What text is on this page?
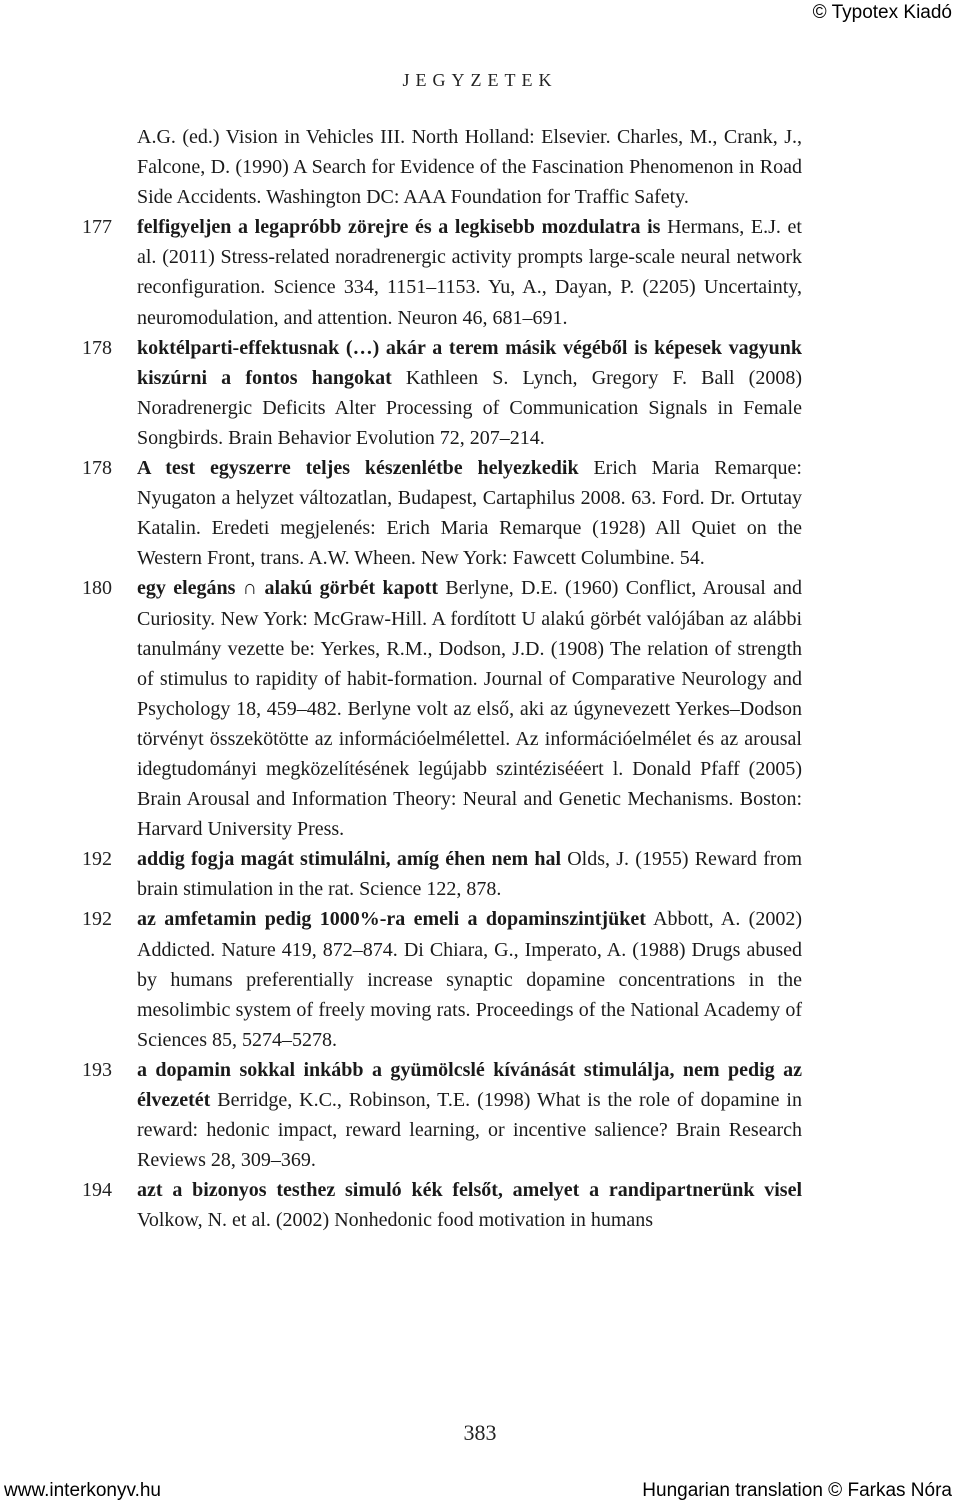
© Typotex Kiadó
JEGYZETEK
A.G. (ed.) Vision in Vehicles III. North Holland: Elsevier. Charles, M., Crank, J., Falcone, D. (1990) A Search for Evidence of the Fascination Phenomenon in Road Side Accidents. Washington DC: AAA Foundation for Traffic Safety.
177	felfigyeljen a legapróbb zörejre és a legkisebb mozdulatra is Hermans, E.J. et al. (2011) Stress-related noradrenergic activity prompts large-scale neural network reconfiguration. Science 334, 1151–1153. Yu, A., Dayan, P. (2205) Uncertainty, neuromodulation, and attention. Neuron 46, 681–691.
178	koktélparti-effektusnak (…) akár a terem másik végéből is képesek vagyunk kiszúrni a fontos hangokat Kathleen S. Lynch, Gregory F. Ball (2008) Noradrenergic Deficits Alter Processing of Communication Signals in Female Songbirds. Brain Behavior Evolution 72, 207–214.
178	A test egyszerre teljes készenlétbe helyezkedik Erich Maria Remarque: Nyugaton a helyzet változatlan, Budapest, Cartaphilus 2008. 63. Ford. Dr. Ortutay Katalin. Eredeti megjelenés: Erich Maria Remarque (1928) All Quiet on the Western Front, trans. A.W. Wheen. New York: Fawcett Columbine. 54.
180	egy elegáns ∩ alakú görbét kapott Berlyne, D.E. (1960) Conflict, Arousal and Curiosity. New York: McGraw-Hill. A fordított U alakú görbét valójában az alábbi tanulmány vezette be: Yerkes, R.M., Dodson, J.D. (1908) The relation of strength of stimulus to rapidity of habit-formation. Journal of Comparative Neurology and Psychology 18, 459–482. Berlyne volt az első, aki az úgynevezett Yerkes–Dodson törvényt összekötötte az információelmélettel. Az információelmélet és az arousal idegtudományi megközelítésének legújabb szintézisééert l. Donald Pfaff (2005) Brain Arousal and Information Theory: Neural and Genetic Mechanisms. Boston: Harvard University Press.
192	addig fogja magát stimulálni, amíg éhen nem hal Olds, J. (1955) Reward from brain stimulation in the rat. Science 122, 878.
192	az amfetamin pedig 1000%-ra emeli a dopaminszintjüket Abbott, A. (2002) Addicted. Nature 419, 872–874. Di Chiara, G., Imperato, A. (1988) Drugs abused by humans preferentially increase synaptic dopamine concentrations in the mesolimbic system of freely moving rats. Proceedings of the National Academy of Sciences 85, 5274–5278.
193	a dopamin sokkal inkább a gyümölcslé kívánását stimulálja, nem pedig az élvezetét Berridge, K.C., Robinson, T.E. (1998) What is the role of dopamine in reward: hedonic impact, reward learning, or incentive salience? Brain Research Reviews 28, 309–369.
194	azt a bizonyos testhez simuló kék felsőt, amelyet a randipartnerünk visel Volkow, N. et al. (2002) Nonhedonic food motivation in humans
383
www.interkonyv.hu	Hungarian translation © Farkas Nóra
